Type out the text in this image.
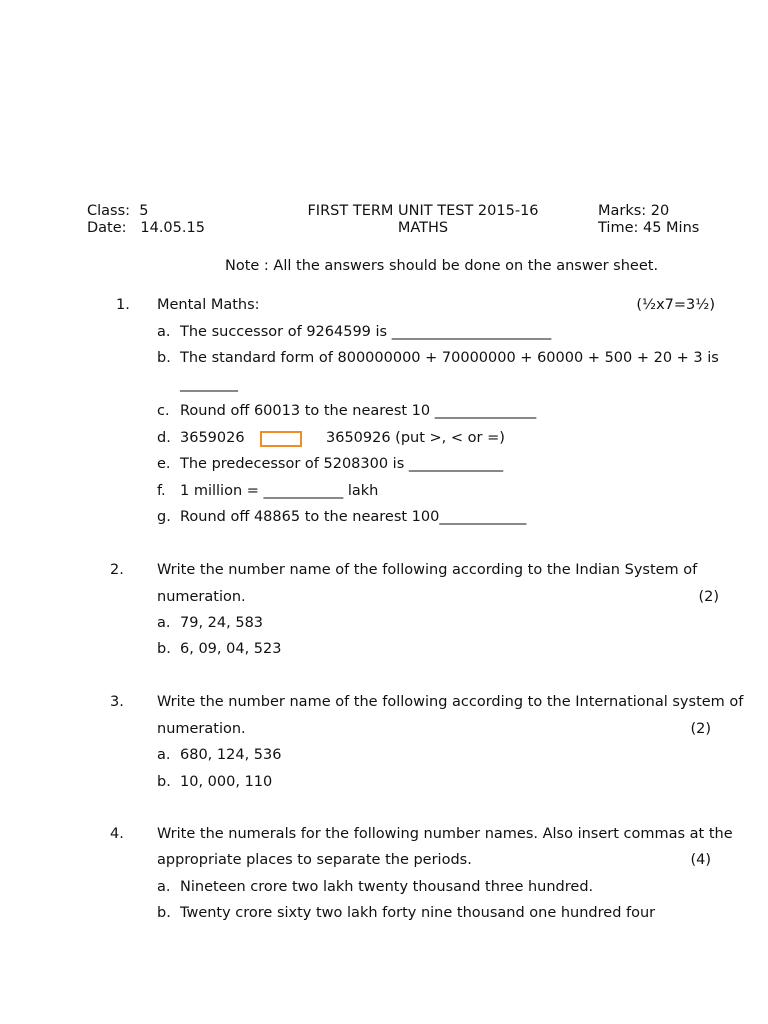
Class:  5
Date:   14.05.15
FIRST TERM UNIT TEST 2015-16
MATHS
Marks: 20
Time: 45 Mins
Note : All the answers should be done on the answer sheet.
1. Mental Maths:	(½x7=3½)
a. The successor of 9264599 is ______________________
b. The standard form of 800000000 + 70000000 + 60000 + 500 + 20 + 3 is
________
c. Round off 60013 to the nearest 10 ______________
d. 3659026	3650926 (put >, < or =)
e. The predecessor of 5208300 is _____________
f. 1 million = ___________ lakh
g. Round off 48865 to the nearest 100____________
2. Write the number name of the following according to the Indian System of
numeration.	(2)
a. 79, 24, 583
b. 6, 09, 04, 523
3. Write the number name of the following according to the International system of
numeration.	(2)
a. 680, 124, 536
b. 10, 000, 110
4. Write the numerals for the following number names. Also insert commas at the
appropriate places to separate the periods.	(4)
a. Nineteen crore two lakh twenty thousand three hundred.
b. Twenty crore sixty two lakh forty nine thousand one hundred four
